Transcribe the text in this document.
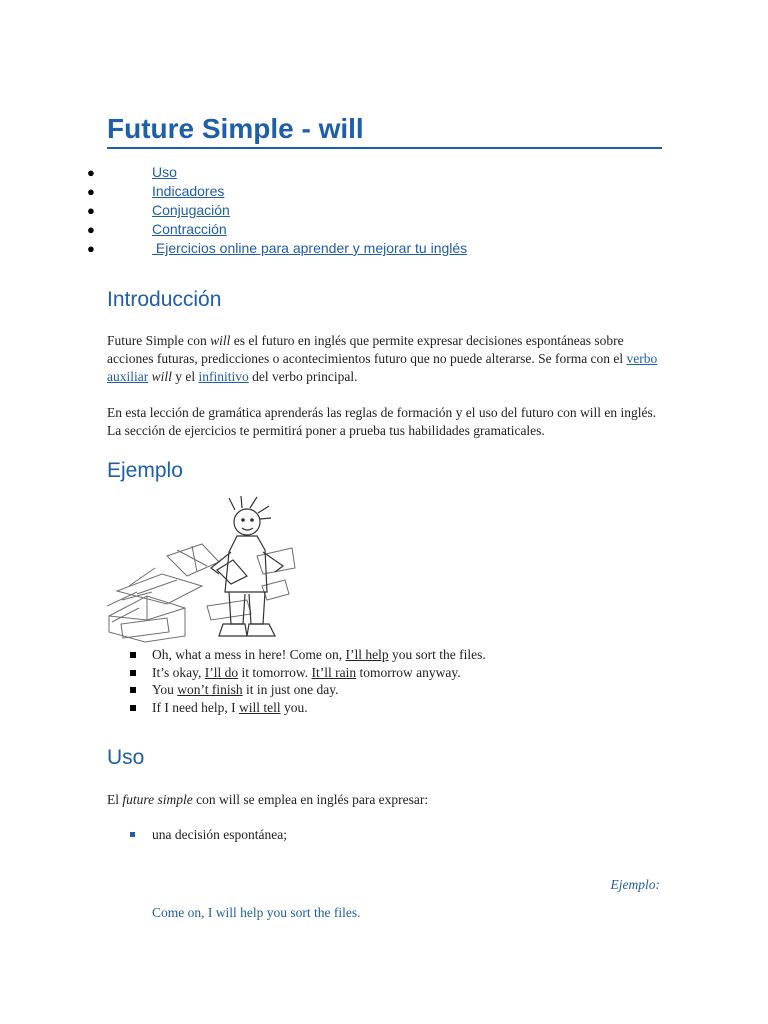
Future Simple - will
●	Uso
●	Indicadores
●	Conjugación
●	Contracción
●	Ejercicios online para aprender y mejorar tu inglés
Introducción

Future Simple con will es el futuro en inglés que permite expresar decisiones espontáneas sobre acciones futuras, predicciones o acontecimientos futuro que no puede alterarse. Se forma con el verbo auxiliar will y el infinitivo del verbo principal.

En esta lección de gramática aprenderás las reglas de formación y el uso del futuro con will en inglés. La sección de ejercicios te permitirá poner a prueba tus habilidades gramaticales.

Ejemplo
Oh, what a mess in here! Come on, I’ll help you sort the files.
It’s okay, I’ll do it tomorrow. It’ll rain tomorrow anyway.
You won’t finish it in just one day.
If I need help, I will tell you.
Uso

El future simple con will se emplea en inglés para expresar:

una decisión espontánea;
Ejemplo:
Come on, I will help you sort the files.
